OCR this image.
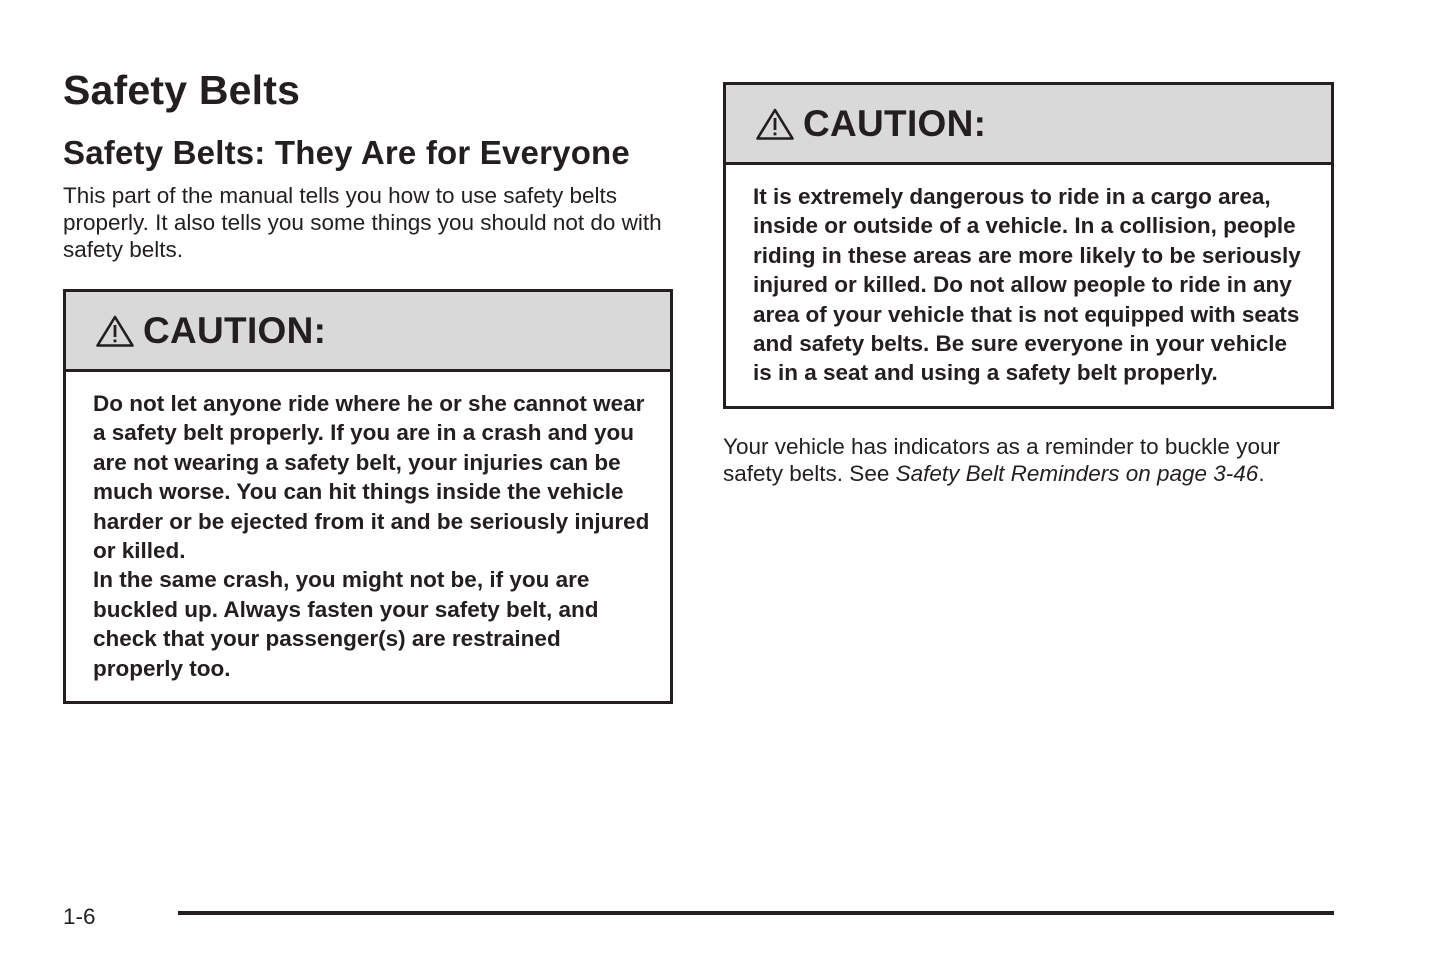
Safety Belts
Safety Belts: They Are for Everyone

This part of the manual tells you how to use safety belts properly. It also tells you some things you should not do with safety belts.

CAUTION:

Do not let anyone ride where he or she cannot wear a safety belt properly. If you are in a crash and you are not wearing a safety belt, your injuries can be much worse. You can hit things inside the vehicle harder or be ejected from it and be seriously injured or killed.

In the same crash, you might not be, if you are buckled up. Always fasten your safety belt, and check that your passenger(s) are restrained properly too.

CAUTION:

It is extremely dangerous to ride in a cargo area, inside or outside of a vehicle. In a collision, people riding in these areas are more likely to be seriously injured or killed. Do not allow people to ride in any area of your vehicle that is not equipped with seats and safety belts. Be sure everyone in your vehicle is in a seat and using a safety belt properly.

Your vehicle has indicators as a reminder to buckle your safety belts. See Safety Belt Reminders on page 3-46.

1-6
